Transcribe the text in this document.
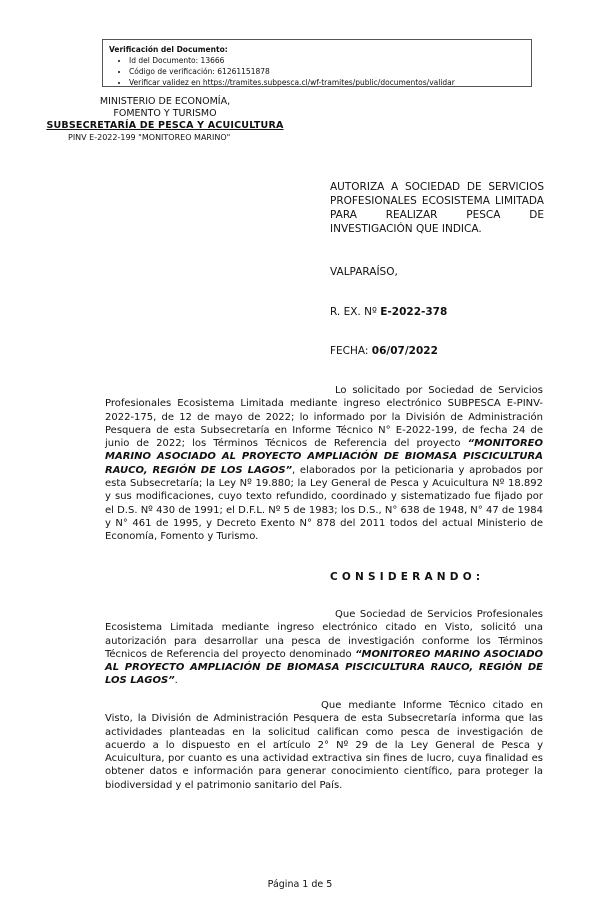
Verificación del Documento:
• Id del Documento: 13666
• Código de verificación: 61261151878
• Verificar validez en https://tramites.subpesca.cl/wf-tramites/public/documentos/validar
MINISTERIO DE ECONOMÍA,
FOMENTO Y TURISMO
SUBSECRETARÍA DE PESCA Y ACUICULTURA
PINV E-2022-199 "MONITOREO MARINO"
AUTORIZA A SOCIEDAD DE SERVICIOS PROFESIONALES ECOSISTEMA LIMITADA PARA REALIZAR PESCA DE INVESTIGACIÓN QUE INDICA.
VALPARAÍSO,
R. EX. Nº E-2022-378
FECHA: 06/07/2022
Lo solicitado por Sociedad de Servicios Profesionales Ecosistema Limitada mediante ingreso electrónico SUBPESCA E-PINV-2022-175, de 12 de mayo de 2022; lo informado por la División de Administración Pesquera de esta Subsecretaría en Informe Técnico N° E-2022-199, de fecha 24 de junio de 2022; los Términos Técnicos de Referencia del proyecto “MONITOREO MARINO ASOCIADO AL PROYECTO AMPLIACIÓN DE BIOMASA PISCICULTURA RAUCO, REGIÓN DE LOS LAGOS”, elaborados por la peticionaria y aprobados por esta Subsecretaría; la Ley Nº 19.880; la Ley General de Pesca y Acuicultura Nº 18.892 y sus modificaciones, cuyo texto refundido, coordinado y sistematizado fue fijado por el D.S. Nº 430 de 1991; el D.F.L. Nº 5 de 1983; los D.S., N° 638 de 1948, N° 47 de 1984 y N° 461 de 1995, y Decreto Exento N° 878 del 2011 todos del actual Ministerio de Economía, Fomento y Turismo.
CONSIDERANDO:
Que Sociedad de Servicios Profesionales Ecosistema Limitada mediante ingreso electrónico citado en Visto, solicitó una autorización para desarrollar una pesca de investigación conforme los Términos Técnicos de Referencia del proyecto denominado “MONITOREO MARINO ASOCIADO AL PROYECTO AMPLIACIÓN DE BIOMASA PISCICULTURA RAUCO, REGIÓN DE LOS LAGOS”.
Que mediante Informe Técnico citado en Visto, la División de Administración Pesquera de esta Subsecretaría informa que las actividades planteadas en la solicitud califican como pesca de investigación de acuerdo a lo dispuesto en el artículo 2° Nº 29 de la Ley General de Pesca y Acuicultura, por cuanto es una actividad extractiva sin fines de lucro, cuya finalidad es obtener datos e información para generar conocimiento científico, para proteger la biodiversidad y el patrimonio sanitario del País.
Página 1 de 5
